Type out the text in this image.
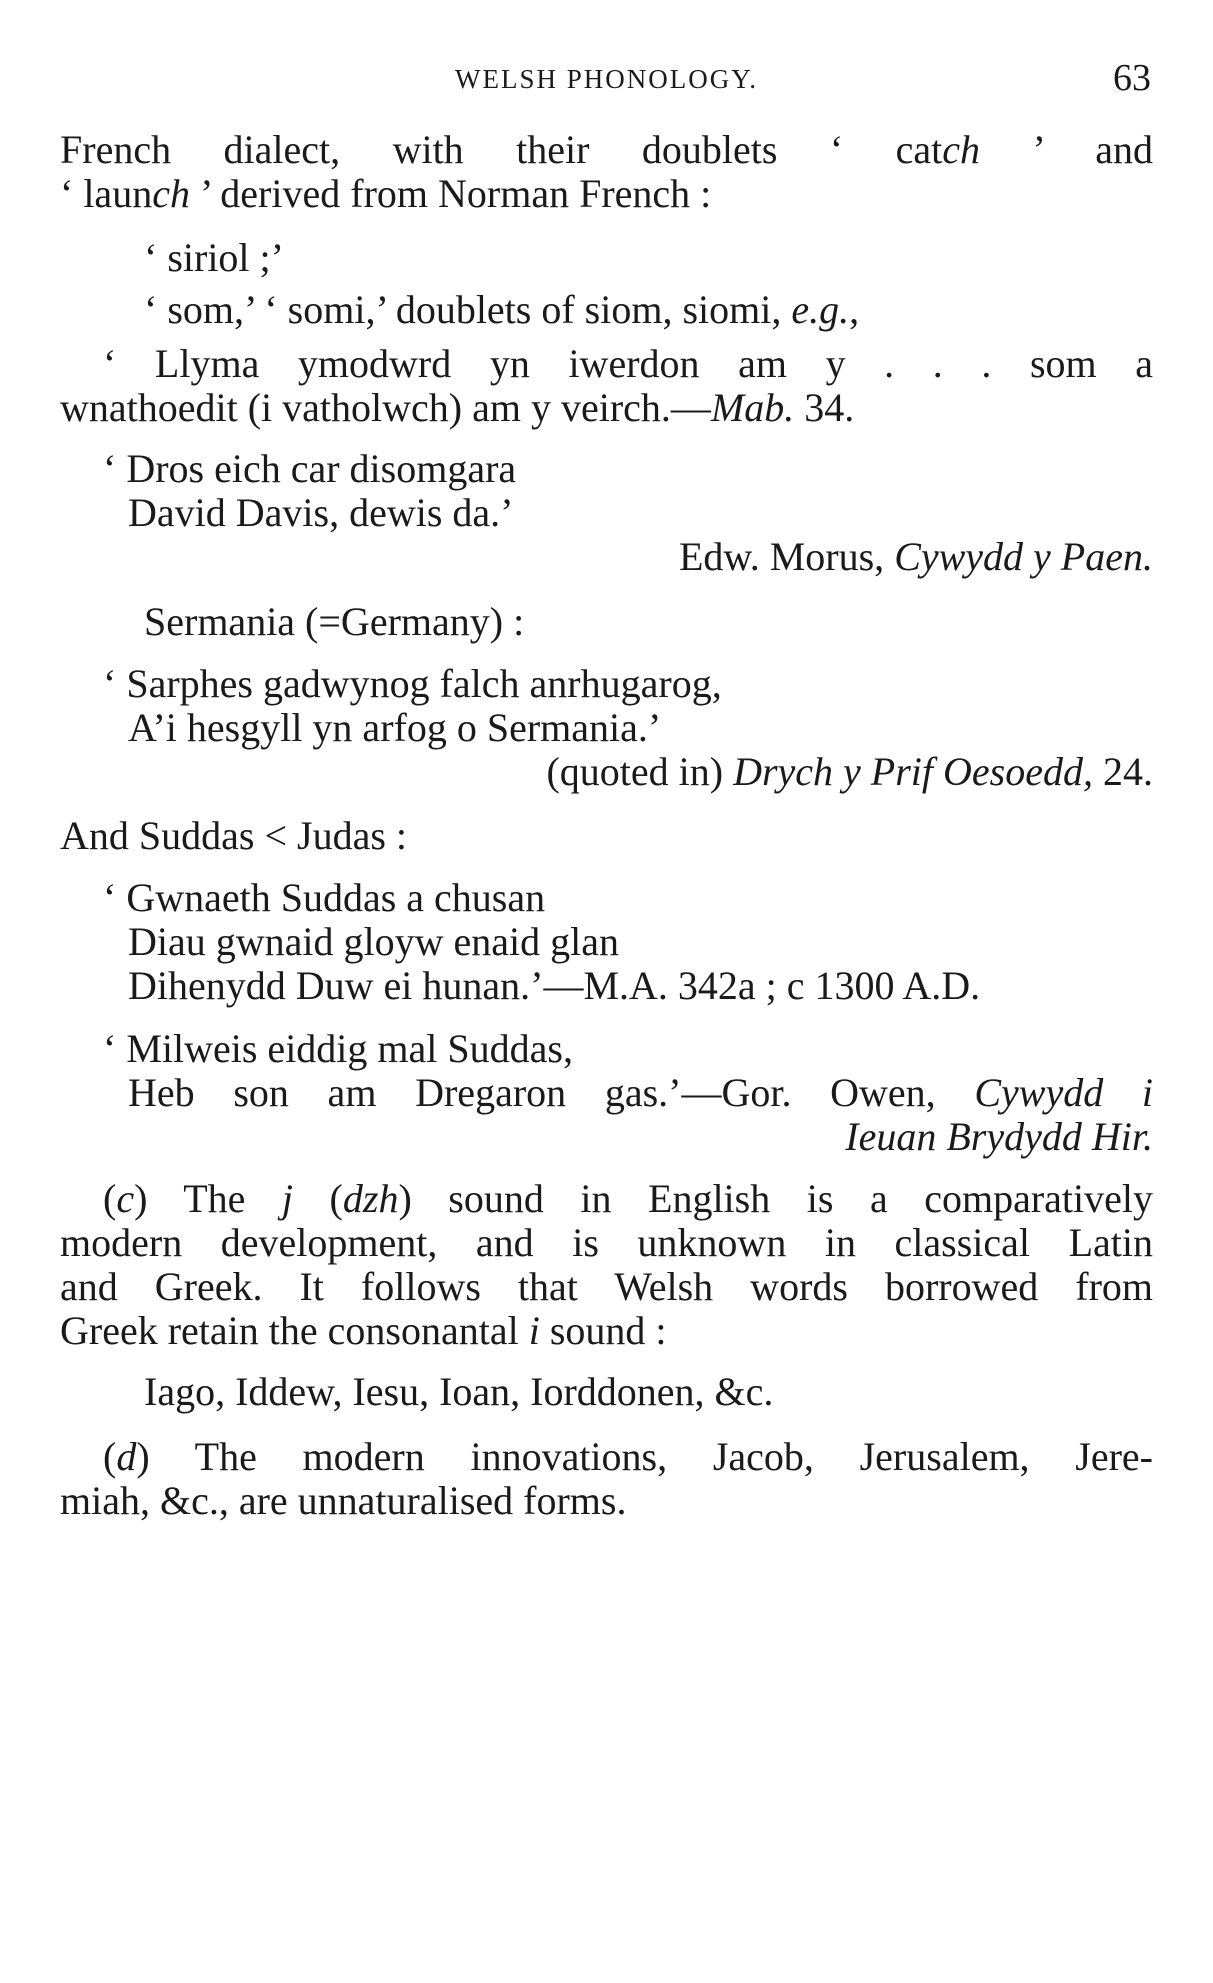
WELSH PHONOLOGY.	63
French dialect, with their doublets ‘ catch ’ and
‘ launch ’ derived from Norman French :
‘ siriol ;’
‘ som,’ ‘ somi,’ doublets of siom, siomi, e.g.,
‘ Llyma ymodwrd yn iwerdon am y . . . som a
wnathoedit (i vatholwch) am y veirch.—Mab. 34.
‘ Dros eich car disomgara
David Davis, dewis da.’
Edw. Morus, Cywydd y Paen.
Sermania (=Germany) :
‘ Sarphes gadwynog falch anrhugarog,
A’i hesgyll yn arfog o Sermania.’
(quoted in) Drych y Prif Oesoedd, 24.
And Suddas < Judas :
‘ Gwnaeth Suddas a chusan
Diau gwnaid gloyw enaid glan
Dihenydd Duw ei hunan.’—M.A. 342a ; c 1300 A.D.
‘ Milweis eiddig mal Suddas,
Heb son am Dregaron gas.’—Gor. Owen, Cywydd i
Ieuan Brydydd Hir.
(c) The j (dzh) sound in English is a comparatively
modern development, and is unknown in classical Latin
and Greek. It follows that Welsh words borrowed from
Greek retain the consonantal i sound :
Iago, Iddew, Iesu, Ioan, Iorddonen, &c.
(d) The modern innovations, Jacob, Jerusalem, Jere-
miah, &c., are unnaturalised forms.
